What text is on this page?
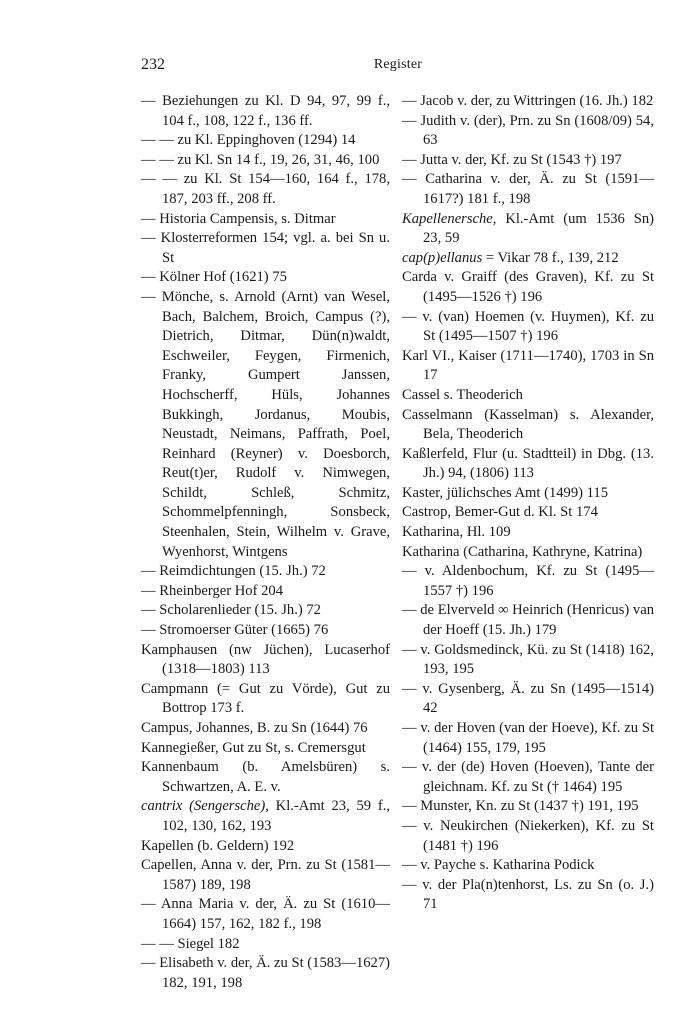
232	Register

— Beziehungen zu Kl. D 94, 97, 99 f., 104 f., 108, 122 f., 136 ff.

— — zu Kl. Eppinghoven (1294) 14

— — zu Kl. Sn 14 f., 19, 26, 31, 46, 100

— — zu Kl. St 154—160, 164 f., 178, 187, 203 ff., 208 ff.

— Historia Campensis, s. Ditmar

— Klosterreformen 154; vgl. a. bei Sn u. St

— Kölner Hof (1621) 75

— Mönche, s. Arnold (Arnt) van Wesel, Bach, Balchem, Broich, Campus (?), Dietrich, Ditmar, Dün(n)waldt, Eschweiler, Feygen, Firmenich, Franky, Gumpert Janssen, Hochscherff, Hüls, Johannes Bukkingh, Jordanus, Moubis, Neustadt, Neimans, Paffrath, Poel, Reinhard (Reyner) v. Doesborch, Reut(t)er, Rudolf v. Nimwegen, Schildt, Schleß, Schmitz, Schommelpfenningh, Sonsbeck, Steenhalen, Stein, Wilhelm v. Grave, Wyenhorst, Wintgens

— Reimdichtungen (15. Jh.) 72

— Rheinberger Hof 204

— Scholarenlieder (15. Jh.) 72

— Stromoerser Güter (1665) 76

Kamphausen (nw Jüchen), Lucaserhof (1318—1803) 113

Campmann (= Gut zu Vörde), Gut zu Bottrop 173 f.

Campus, Johannes, B. zu Sn (1644) 76

Kannegießer, Gut zu St, s. Cremersgut

Kannenbaum (b. Amelsbüren) s. Schwartzen, A. E. v.

cantrix (Sengersche), Kl.-Amt 23, 59 f., 102, 130, 162, 193

Kapellen (b. Geldern) 192

Capellen, Anna v. der, Prn. zu St (1581—1587) 189, 198

— Anna Maria v. der, Ä. zu St (1610—1664) 157, 162, 182 f., 198

— — Siegel 182

— Elisabeth v. der, Ä. zu St (1583—1627) 182, 191, 198

— Jacob v. der, zu Wittringen (16. Jh.) 182

— Judith v. (der), Prn. zu Sn (1608/09) 54, 63

— Jutta v. der, Kf. zu St (1543 †) 197

— Catharina v. der, Ä. zu St (1591—1617?) 181 f., 198

Kapellenersche, Kl.-Amt (um 1536 Sn) 23, 59

cap(p)ellanus = Vikar 78 f., 139, 212

Carda v. Graiff (des Graven), Kf. zu St (1495—1526 †) 196

— v. (van) Hoemen (v. Huymen), Kf. zu St (1495—1507 †) 196

Karl VI., Kaiser (1711—1740), 1703 in Sn 17

Cassel s. Theoderich

Casselmann (Kasselman) s. Alexander, Bela, Theoderich

Kaßlerfeld, Flur (u. Stadtteil) in Dbg. (13. Jh.) 94, (1806) 113

Kaster, jülichsches Amt (1499) 115

Castrop, Bemer-Gut d. Kl. St 174

Katharina, Hl. 109

Katharina (Catharina, Kathryne, Katrina)

— v. Aldenbochum, Kf. zu St (1495—1557 †) 196

— de Elverveld ∞ Heinrich (Henricus) van der Hoeff (15. Jh.) 179

— v. Goldsmedinck, Kü. zu St (1418) 162, 193, 195

— v. Gysenberg, Ä. zu Sn (1495—1514) 42

— v. der Hoven (van der Hoeve), Kf. zu St (1464) 155, 179, 195

— v. der (de) Hoven (Hoeven), Tante der gleichnam. Kf. zu St († 1464) 195

— Munster, Kn. zu St (1437 †) 191, 195

— v. Neukirchen (Niekerken), Kf. zu St (1481 †) 196

— v. Payche s. Katharina Podick

— v. der Pla(n)tenhorst, Ls. zu Sn (o. J.) 71
